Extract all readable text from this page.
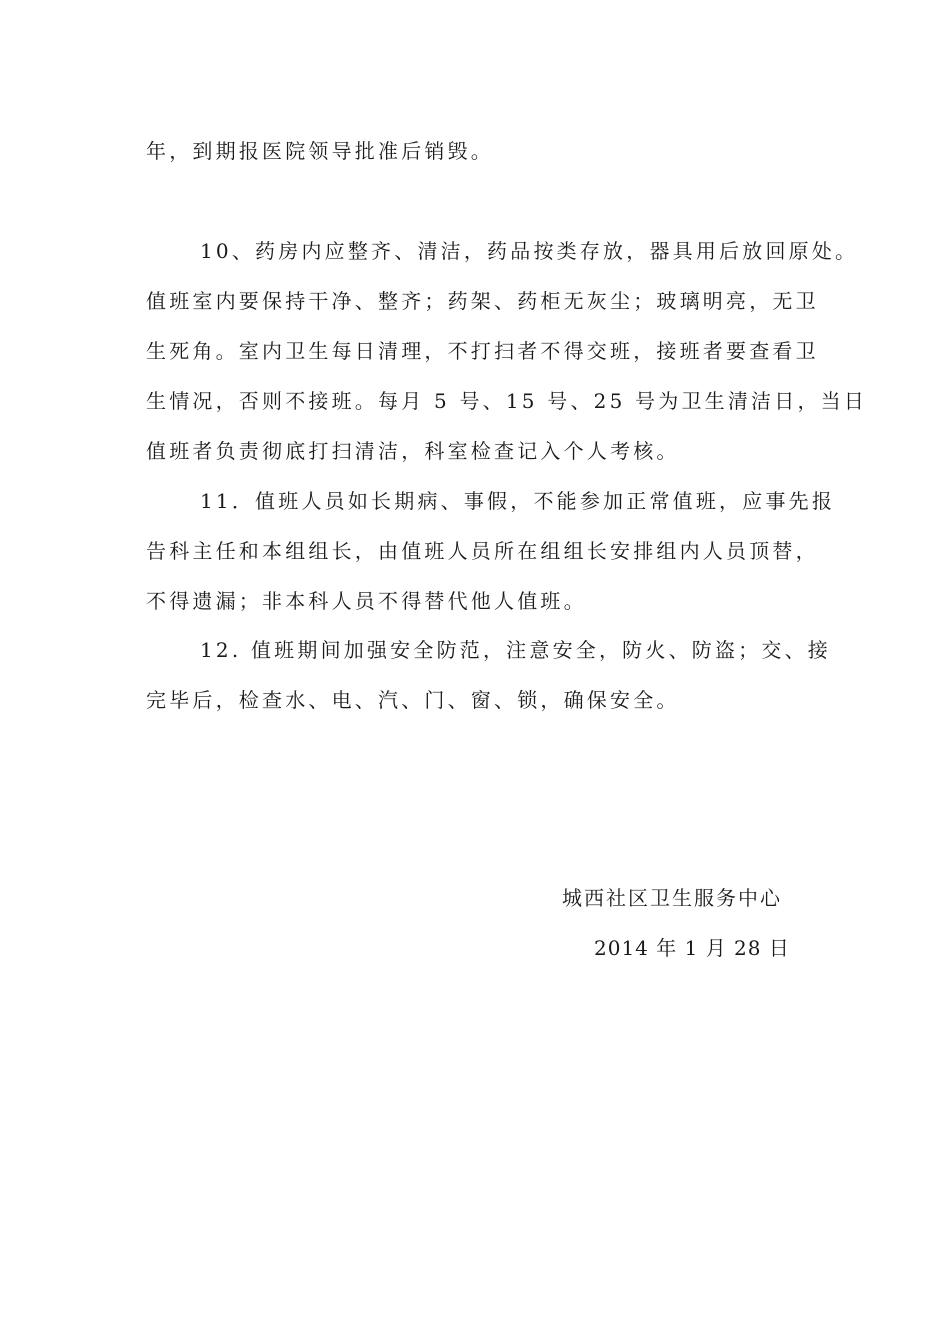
年，到期报医院领导批准后销毁。
10、药房内应整齐、清洁，药品按类存放，器具用后放回原处。
值班室内要保持干净、整齐；药架、药柜无灰尘；玻璃明亮，无卫
生死角。室内卫生每日清理，不打扫者不得交班，接班者要查看卫
生情况，否则不接班。每月 5 号、15 号、25 号为卫生清洁日，当日
值班者负责彻底打扫清洁，科室检查记入个人考核。
11．值班人员如长期病、事假，不能参加正常值班，应事先报
告科主任和本组组长，由值班人员所在组组长安排组内人员顶替，
不得遗漏；非本科人员不得替代他人值班。
12. 值班期间加强安全防范，注意安全，防火、防盗；交、接
完毕后，检查水、电、汽、门、窗、锁，确保安全。
城西社区卫生服务中心
2014 年 1 月 28 日
